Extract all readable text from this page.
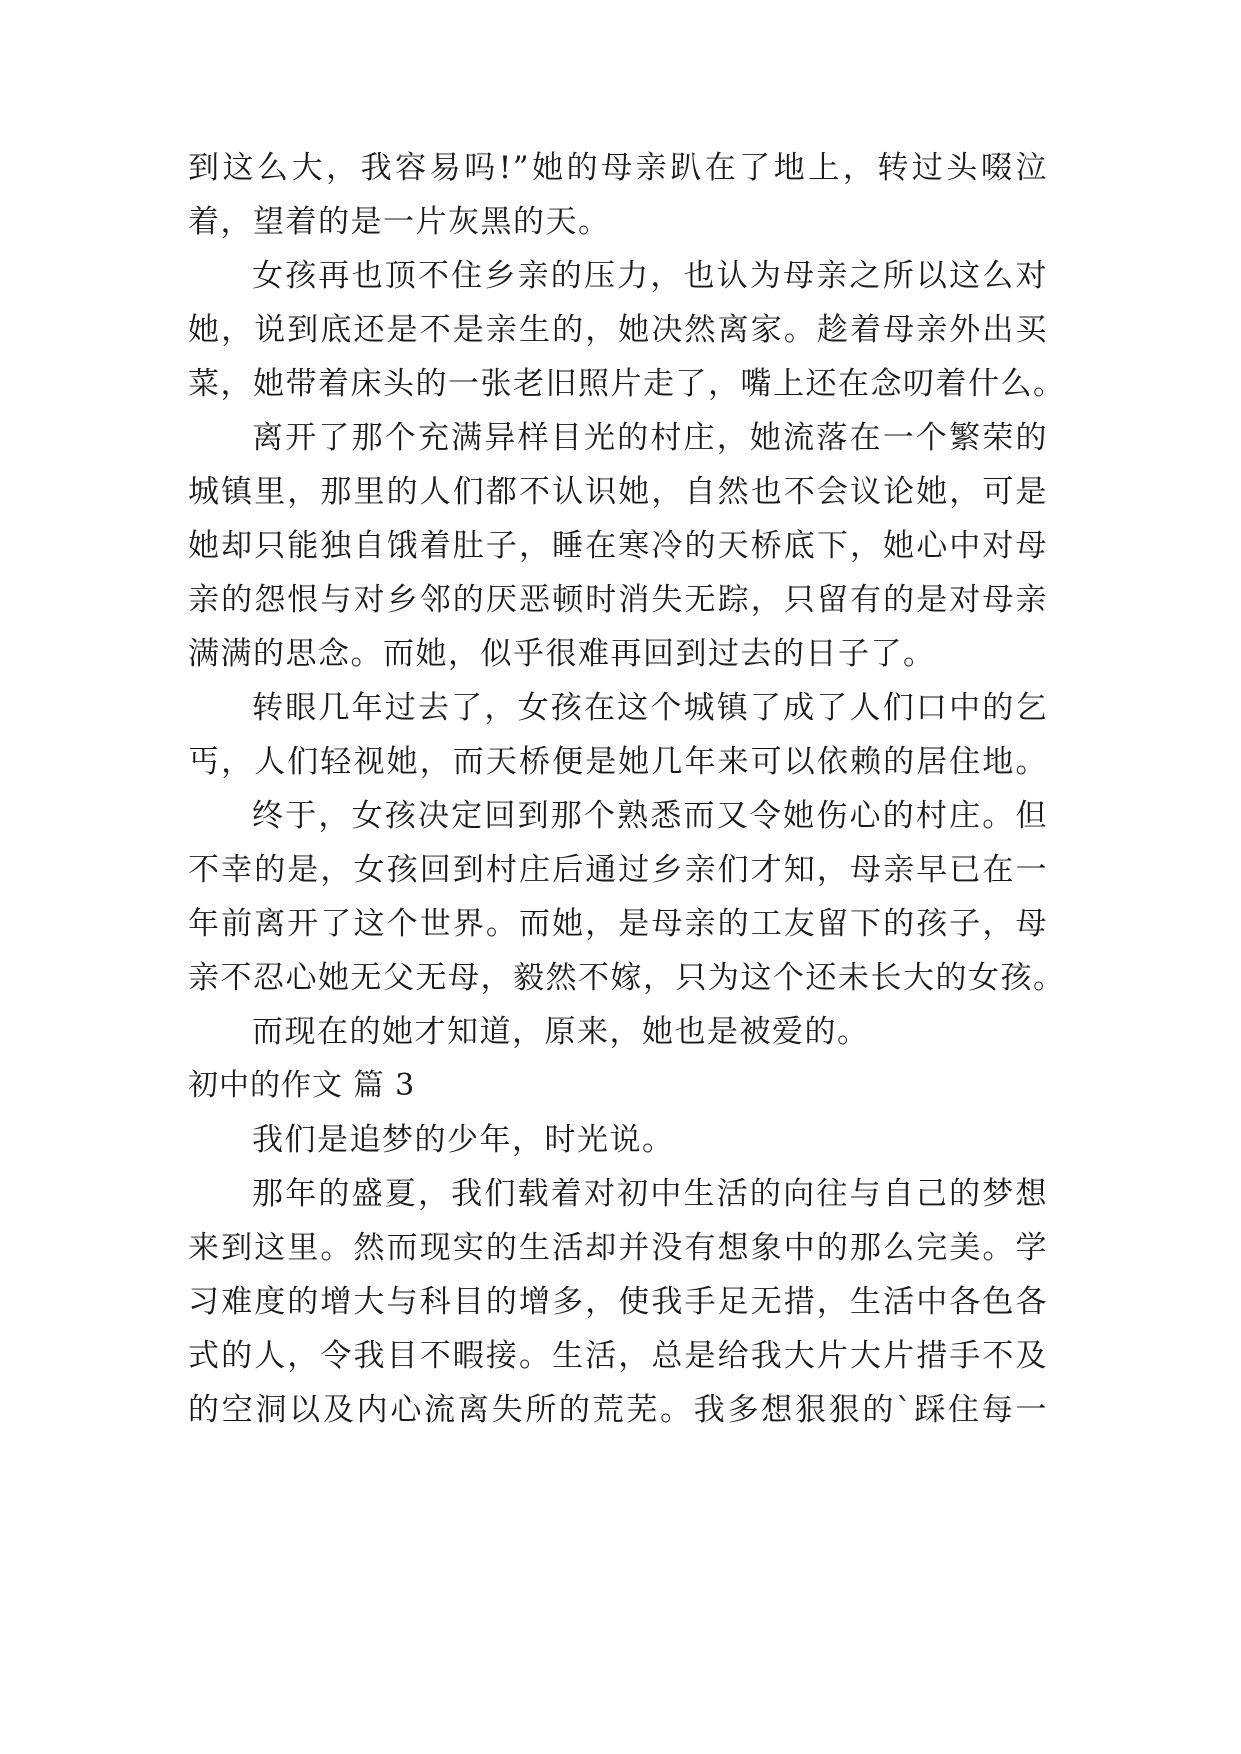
到这么大，我容易吗!”她的母亲趴在了地上，转过头啜泣
着，望着的是一片灰黑的天。
女孩再也顶不住乡亲的压力，也认为母亲之所以这么对
她，说到底还是不是亲生的，她决然离家。趁着母亲外出买
菜，她带着床头的一张老旧照片走了，嘴上还在念叨着什么。
离开了那个充满异样目光的村庄，她流落在一个繁荣的
城镇里，那里的人们都不认识她，自然也不会议论她，可是
她却只能独自饿着肚子，睡在寒冷的天桥底下，她心中对母
亲的怨恨与对乡邻的厌恶顿时消失无踪，只留有的是对母亲
满满的思念。而她，似乎很难再回到过去的日子了。
转眼几年过去了，女孩在这个城镇了成了人们口中的乞
丐，人们轻视她，而天桥便是她几年来可以依赖的居住地。
终于，女孩决定回到那个熟悉而又令她伤心的村庄。但
不幸的是，女孩回到村庄后通过乡亲们才知，母亲早已在一
年前离开了这个世界。而她，是母亲的工友留下的孩子，母
亲不忍心她无父无母，毅然不嫁，只为这个还未长大的女孩。
而现在的她才知道，原来，她也是被爱的。
初中的作文 篇 3
我们是追梦的少年，时光说。
那年的盛夏，我们载着对初中生活的向往与自己的梦想
来到这里。然而现实的生活却并没有想象中的那么完美。学
习难度的增大与科目的增多，使我手足无措，生活中各色各
式的人，令我目不暇接。生活，总是给我大片大片措手不及
的空洞以及内心流离失所的荒芜。我多想狠狠的`踩住每一
